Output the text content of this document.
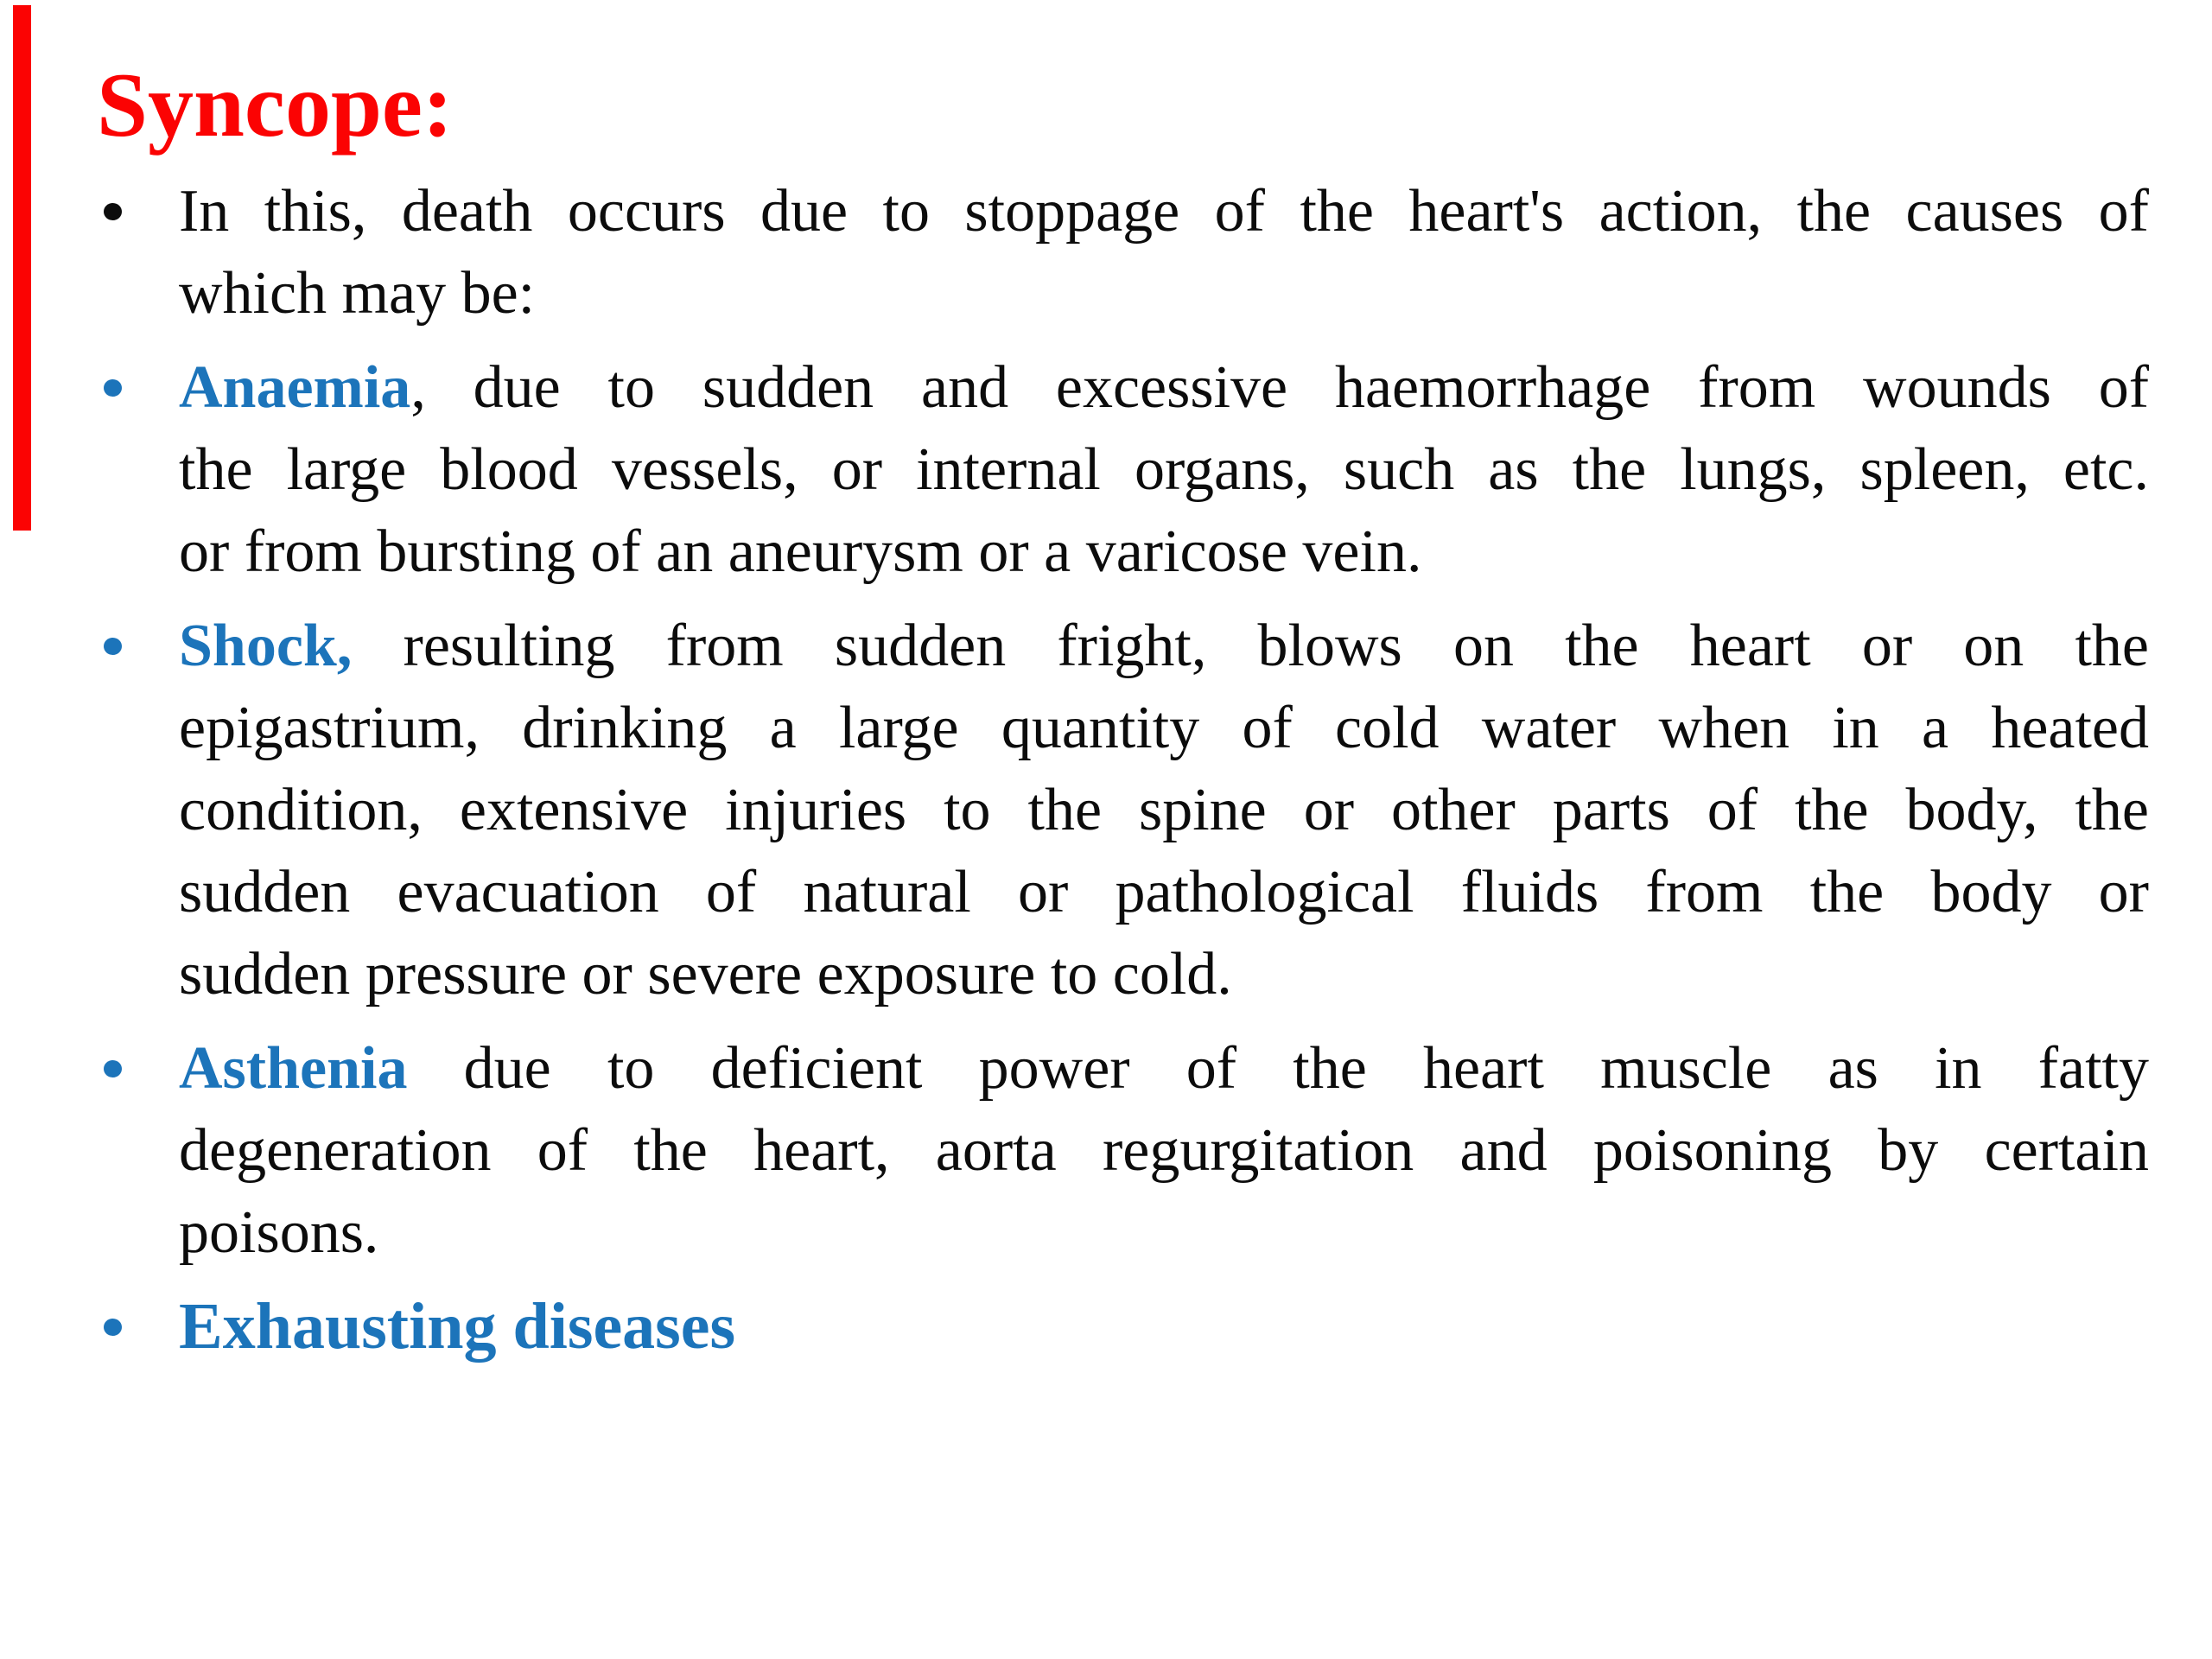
Syncope:
In this, death occurs due to stoppage of the heart's action, the causes of
which may be:
Anaemia, due to sudden and excessive haemorrhage from wounds of
the large blood vessels, or internal organs, such as the lungs, spleen, etc.
or from bursting of an aneurysm or a varicose vein.
Shock, resulting from sudden fright, blows on the heart or on the
epigastrium, drinking a large quantity of cold water when in a heated
condition, extensive injuries to the spine or other parts of the body, the
sudden evacuation of natural or pathological fluids from the body or
sudden pressure or severe exposure to cold.
Asthenia due to deficient power of the heart muscle as in fatty
degeneration of the heart, aorta regurgitation and poisoning by certain
poisons.
Exhausting diseases
